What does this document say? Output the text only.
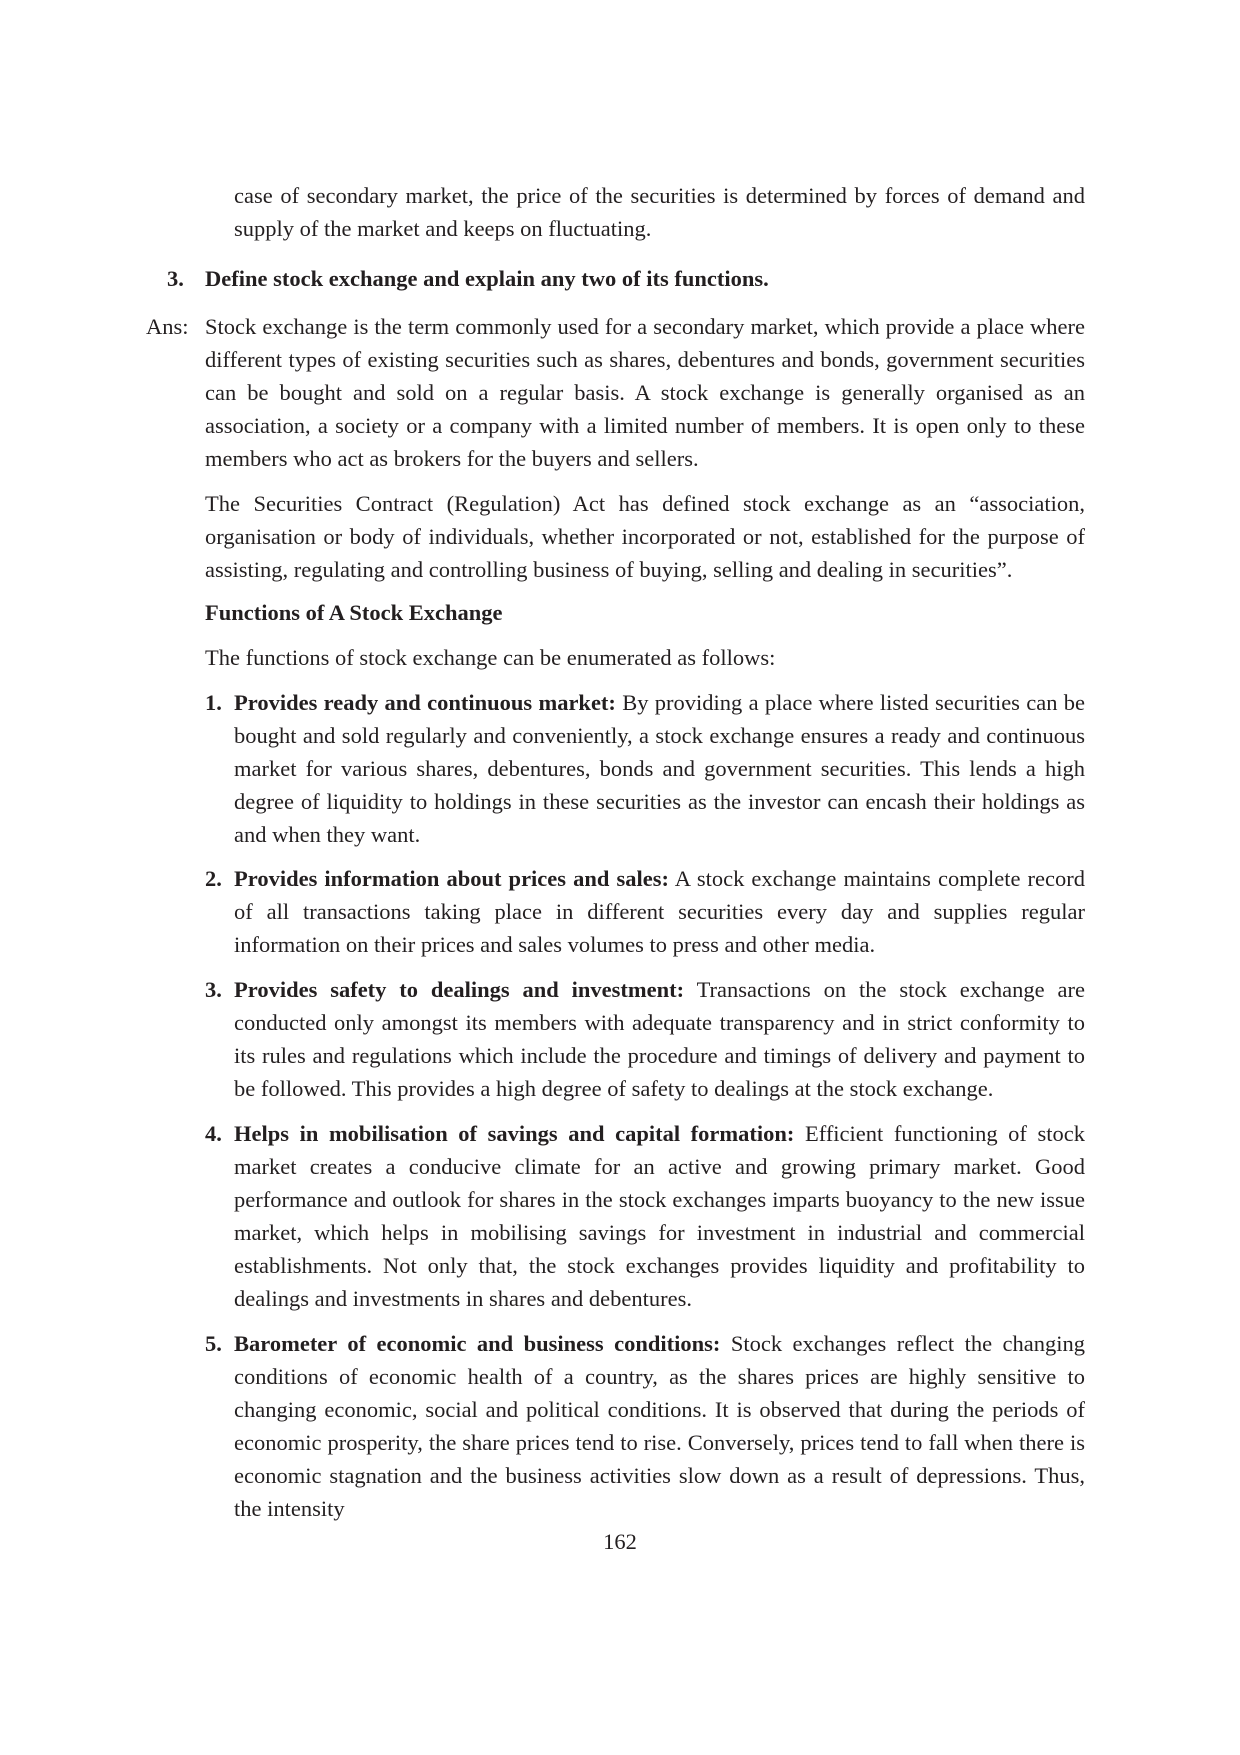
case of secondary market, the price of the securities is determined by forces of demand and supply of the market and keeps on fluctuating.

3. Define stock exchange and explain any two of its functions.
Ans: Stock exchange is the term commonly used for a secondary market, which provide a place where different types of existing securities such as shares, debentures and bonds, government securities can be bought and sold on a regular basis. A stock exchange is generally organised as an association, a society or a company with a limited number of members. It is open only to these members who act as brokers for the buyers and sellers.

The Securities Contract (Regulation) Act has defined stock exchange as an “association, organisation or body of individuals, whether incorporated or not, established for the purpose of assisting, regulating and controlling business of buying, selling and dealing in securities”.

Functions of A Stock Exchange
The functions of stock exchange can be enumerated as follows:
1. Provides ready and continuous market: By providing a place where listed securities can be bought and sold regularly and conveniently, a stock exchange ensures a ready and continuous market for various shares, debentures, bonds and government securities. This lends a high degree of liquidity to holdings in these securities as the investor can encash their holdings as and when they want.

2. Provides information about prices and sales: A stock exchange maintains complete record of all transactions taking place in different securities every day and supplies regular information on their prices and sales volumes to press and other media.

3. Provides safety to dealings and investment: Transactions on the stock exchange are conducted only amongst its members with adequate transparency and in strict conformity to its rules and regulations which include the procedure and timings of delivery and payment to be followed. This provides a high degree of safety to dealings at the stock exchange.

4. Helps in mobilisation of savings and capital formation: Efficient functioning of stock market creates a conducive climate for an active and growing primary market. Good performance and outlook for shares in the stock exchanges imparts buoyancy to the new issue market, which helps in mobilising savings for investment in industrial and commercial establishments. Not only that, the stock exchanges provides liquidity and profitability to dealings and investments in shares and debentures.

5. Barometer of economic and business conditions: Stock exchanges reflect the changing conditions of economic health of a country, as the shares prices are highly sensitive to changing economic, social and political conditions. It is observed that during the periods of economic prosperity, the share prices tend to rise. Conversely, prices tend to fall when there is economic stagnation and the business activities slow down as a result of depressions. Thus, the intensity

162
